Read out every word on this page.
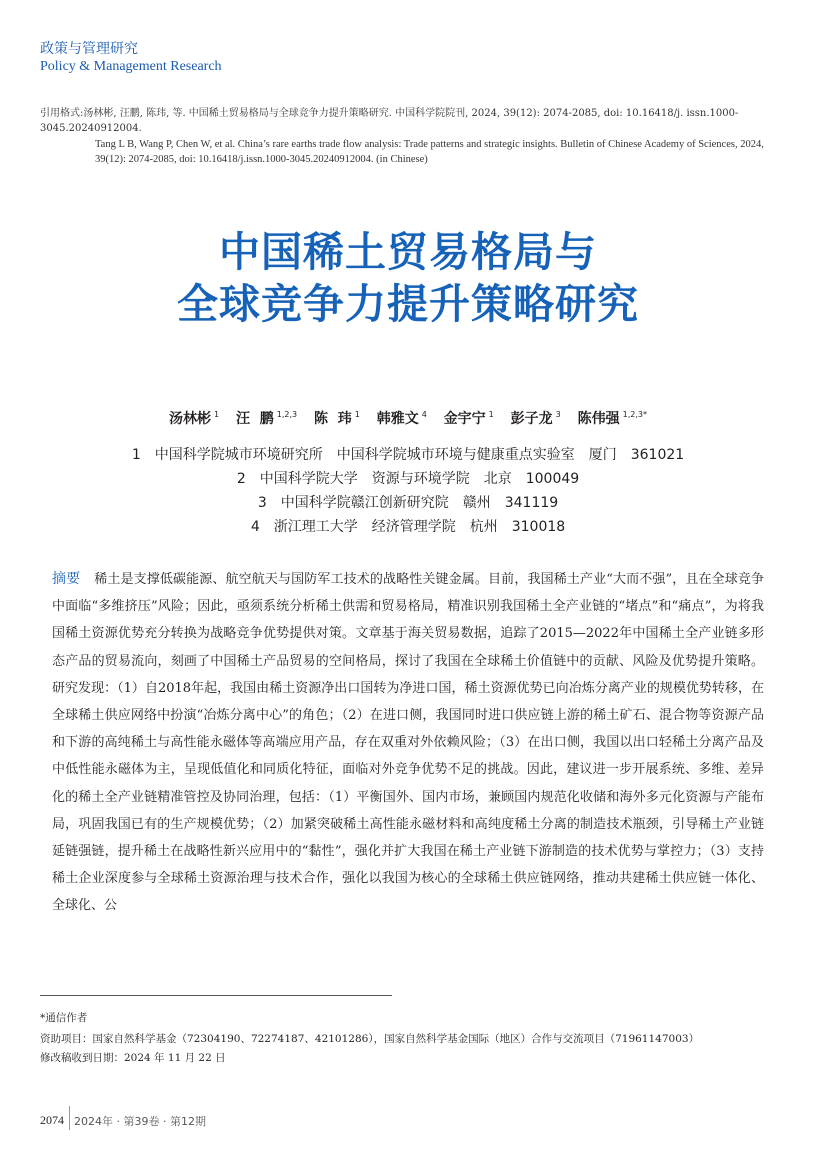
政策与管理研究
Policy & Management Research
引用格式:汤林彬, 汪鹏, 陈玮, 等. 中国稀土贸易格局与全球竞争力提升策略研究. 中国科学院院刊, 2024, 39(12): 2074-2085, doi: 10.16418/j. issn.1000-3045.20240912004.
Tang L B, Wang P, Chen W, et al. China’s rare earths trade flow analysis: Trade patterns and strategic insights. Bulletin of Chinese Academy of Sciences, 2024, 39(12): 2074-2085, doi: 10.16418/j.issn.1000-3045.20240912004. (in Chinese)
中国稀土贸易格局与
全球竞争力提升策略研究
汤林彬 $^1$ 汪  鹏 $^{1,2,3}$ 陈  玮 $^1$ 韩雅文 $^4$ 金宇宁 $^1$ 彭子龙 $^3$ 陈伟强 $^{1,2,3*}$
1 中国科学院城市环境研究所 中国科学院城市环境与健康重点实验室 厦门 361021
2 中国科学院大学 资源与环境学院 北京 100049
3 中国科学院赣江创新研究院 赣州 341119
4 浙江理工大学 经济管理学院 杭州 310018
摘要 稀土是支撑低碳能源、航空航天与国防军工技术的战略性关键金属。目前，我国稀土产业“大而不强”，且在全球竞争中面临“多维挤压”风险；因此，亟须系统分析稀土供需和贸易格局，精准识别我国稀土全产业链的“堵点”和“痛点”，为将我国稀土资源优势充分转换为战略竞争优势提供对策。文章基于海关贸易数据，追踪了2015—2022年中国稀土全产业链多形态产品的贸易流向，刻画了中国稀土产品贸易的空间格局，探讨了我国在全球稀土价值链中的贡献、风险及优势提升策略。研究发现：（1）自2018年起，我国由稀土资源净出口国转为净进口国，稀土资源优势已向冶炼分离产业的规模优势转移，在全球稀土供应网络中扮演“冶炼分离中心”的角色；（2）在进口侧，我国同时进口供应链上游的稀土矿石、混合物等资源产品和下游的高纯稀土与高性能永磁体等高端应用产品，存在双重对外依赖风险；（3）在出口侧，我国以出口轻稀土分离产品及中低性能永磁体为主，呈现低值化和同质化特征，面临对外竞争优势不足的挑战。因此，建议进一步开展系统、多维、差异化的稀土全产业链精准管控及协同治理，包括：（1）平衡国外、国内市场，兼顾国内规范化收储和海外多元化资源与产能布局，巩固我国已有的生产规模优势；（2）加紧突破稀土高性能永磁材料和高纯度稀土分离的制造技术瓶颈，引导稀土产业链延链强链，提升稀土在战略性新兴应用中的“黏性”，强化并扩大我国在稀土产业链下游制造的技术优势与掌控力；（3）支持稀土企业深度参与全球稀土资源治理与技术合作，强化以我国为核心的全球稀土供应链网络，推动共建稀土供应链一体化、全球化、公
*通信作者
资助项目：国家自然科学基金（72304190、72274187、42101286），国家自然科学基金国际（地区）合作与交流项目（71961147003）
修改稿收到日期：2024 年 11 月 22 日
2074 2024年 · 第39卷 · 第12期
